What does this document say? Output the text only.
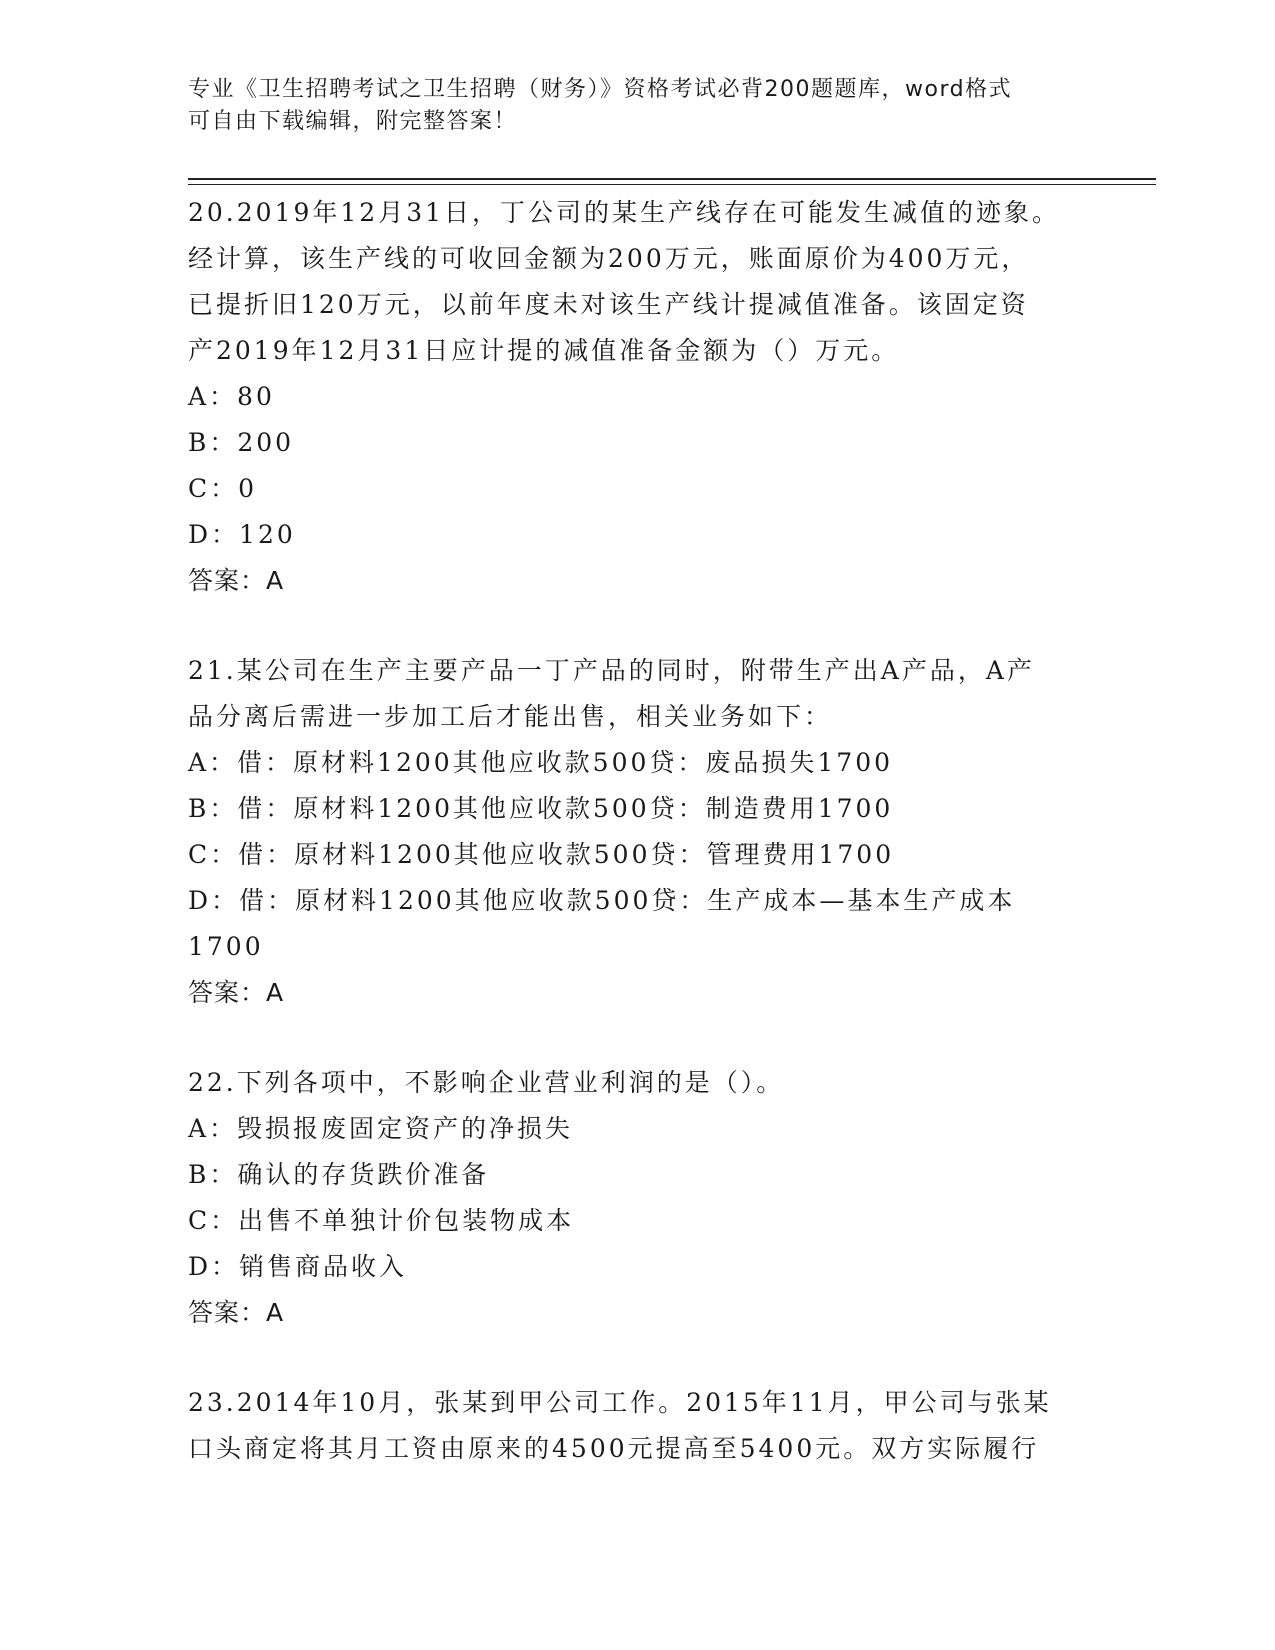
专业《卫生招聘考试之卫生招聘（财务）》资格考试必背200题题库，word格式
可自由下载编辑，附完整答案！
20.2019年12月31日，丁公司的某生产线存在可能发生减值的迹象。
经计算，该生产线的可收回金额为200万元，账面原价为400万元，
已提折旧120万元，以前年度未对该生产线计提减值准备。该固定资
产2019年12月31日应计提的减值准备金额为（）万元。
A：80
B：200
C：0
D：120
答案：A
21.某公司在生产主要产品一丁产品的同时，附带生产出A产品，A产
品分离后需进一步加工后才能出售，相关业务如下：
A：借：原材料1200其他应收款500贷：废品损失1700
B：借：原材料1200其他应收款500贷：制造费用1700
C：借：原材料1200其他应收款500贷：管理费用1700
D：借：原材料1200其他应收款500贷：生产成本—基本生产成本
1700
答案：A
22.下列各项中，不影响企业营业利润的是（）。
A：毁损报废固定资产的净损失
B：确认的存货跌价准备
C：出售不单独计价包装物成本
D：销售商品收入
答案：A
23.2014年10月，张某到甲公司工作。2015年11月，甲公司与张某
口头商定将其月工资由原来的4500元提高至5400元。双方实际履行
